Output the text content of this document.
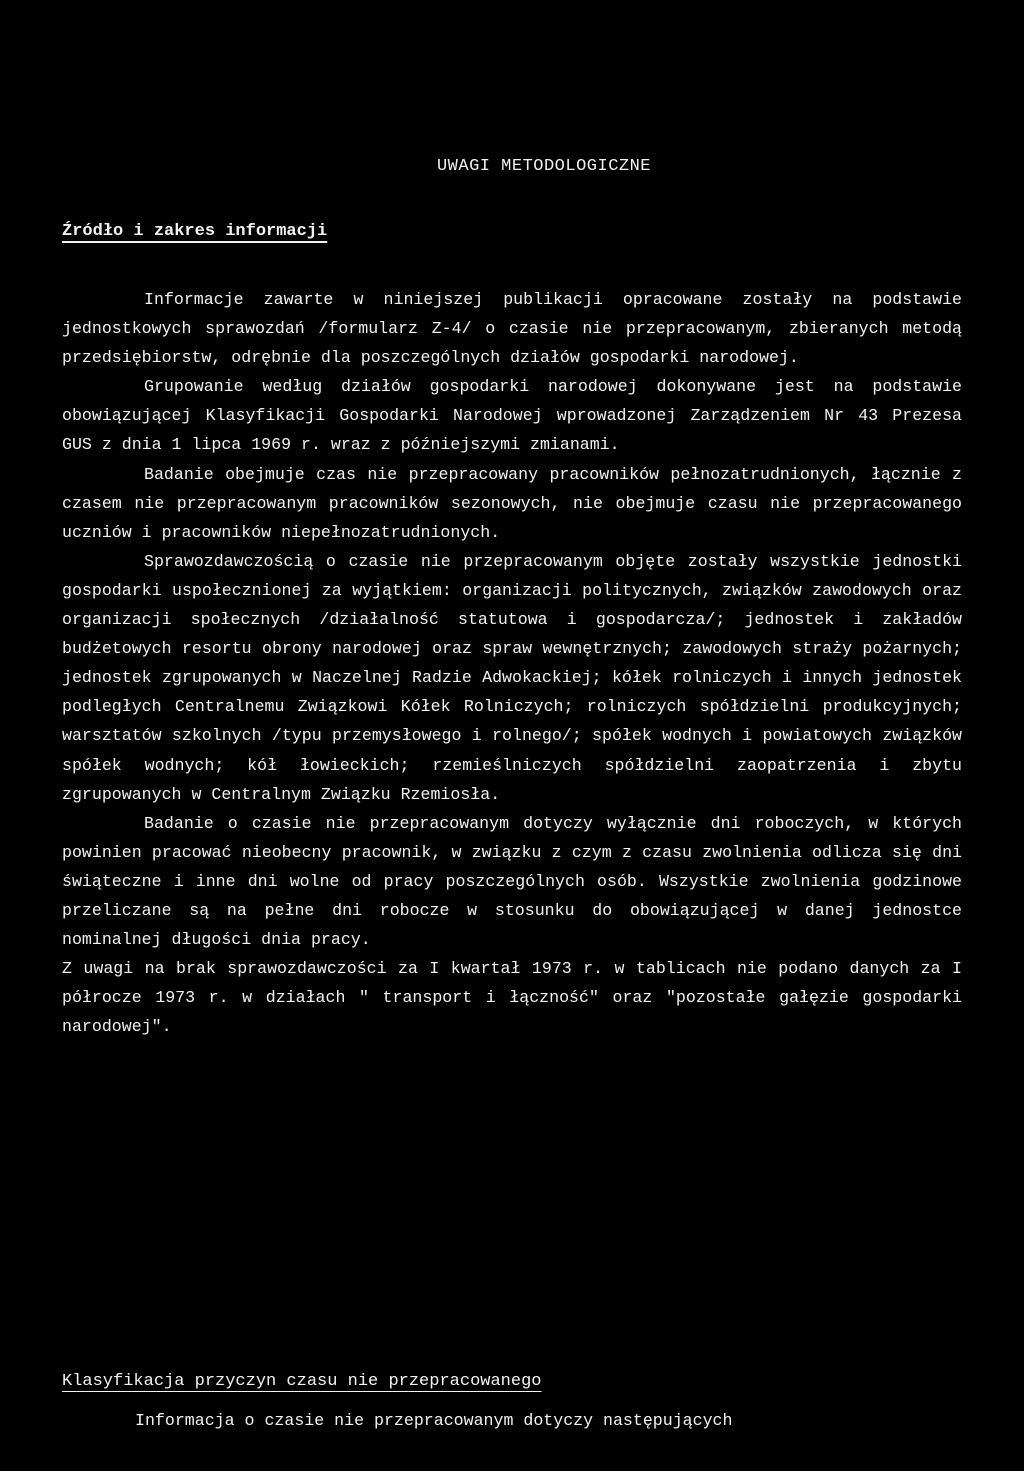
UWAGI METODOLOGICZNE
Źródło i zakres informacji

Informacje zawarte w niniejszej publikacji opracowane zostały na podstawie jednostkowych sprawozdań /formularz Z-4/ o czasie nie przepracowanym, zbieranych metodą przedsiębiorstw, odrębnie dla poszczególnych działów gospodarki narodowej.

Grupowanie według działów gospodarki narodowej dokonywane jest na podstawie obowiązującej Klasyfikacji Gospodarki Narodowej wprowadzonej Zarządzeniem Nr 43 Prezesa GUS z dnia 1 lipca 1969 r. wraz z późniejszymi zmianami.

Badanie obejmuje czas nie przepracowany pracowników pełnozatrudnionych, łącznie z czasem nie przepracowanym pracowników sezonowych, nie obejmuje czasu nie przepracowanego uczniów i pracowników niepełnozatrudnionych.

Sprawozdawczością o czasie nie przepracowanym objęte zostały wszystkie jednostki gospodarki uspołecznionej za wyjątkiem: organizacji politycznych, związków zawodowych oraz organizacji społecznych /działalność statutowa i gospodarcza/; jednostek i zakładów budżetowych resortu obrony narodowej oraz spraw wewnętrznych; zawodowych straży pożarnych; jednostek zgrupowanych w Naczelnej Radzie Adwokackiej; kółek rolniczych i innych jednostek podległych Centralnemu Związkowi Kółek Rolniczych; rolniczych spółdzielni produkcyjnych; warsztatów szkolnych /typu przemysłowego i rolnego/; spółek wodnych i powiatowych związków spółek wodnych; kół łowieckich; rzemieślniczych spółdzielni zaopatrzenia i zbytu zgrupowanych w Centralnym Związku Rzemiosła.

Badanie o czasie nie przepracowanym dotyczy wyłącznie dni roboczych, w których powinien pracować nieobecny pracownik, w związku z czym z czasu zwolnienia odlicza się dni świąteczne i inne dni wolne od pracy poszczególnych osób. Wszystkie zwolnienia godzinowe przeliczane są na pełne dni robocze w stosunku do obowiązującej w danej jednostce nominalnej długości dnia pracy.

Z uwagi na brak sprawozdawczości za I kwartał 1973 r. w tablicach nie podano danych za I półrocze 1973 r. w działach " transport i łączność" oraz "pozostałe gałęzie gospodarki narodowej".

Klasyfikacja przyczyn czasu nie przepracowanego
Informacja o czasie nie przepracowanym dotyczy następujących
